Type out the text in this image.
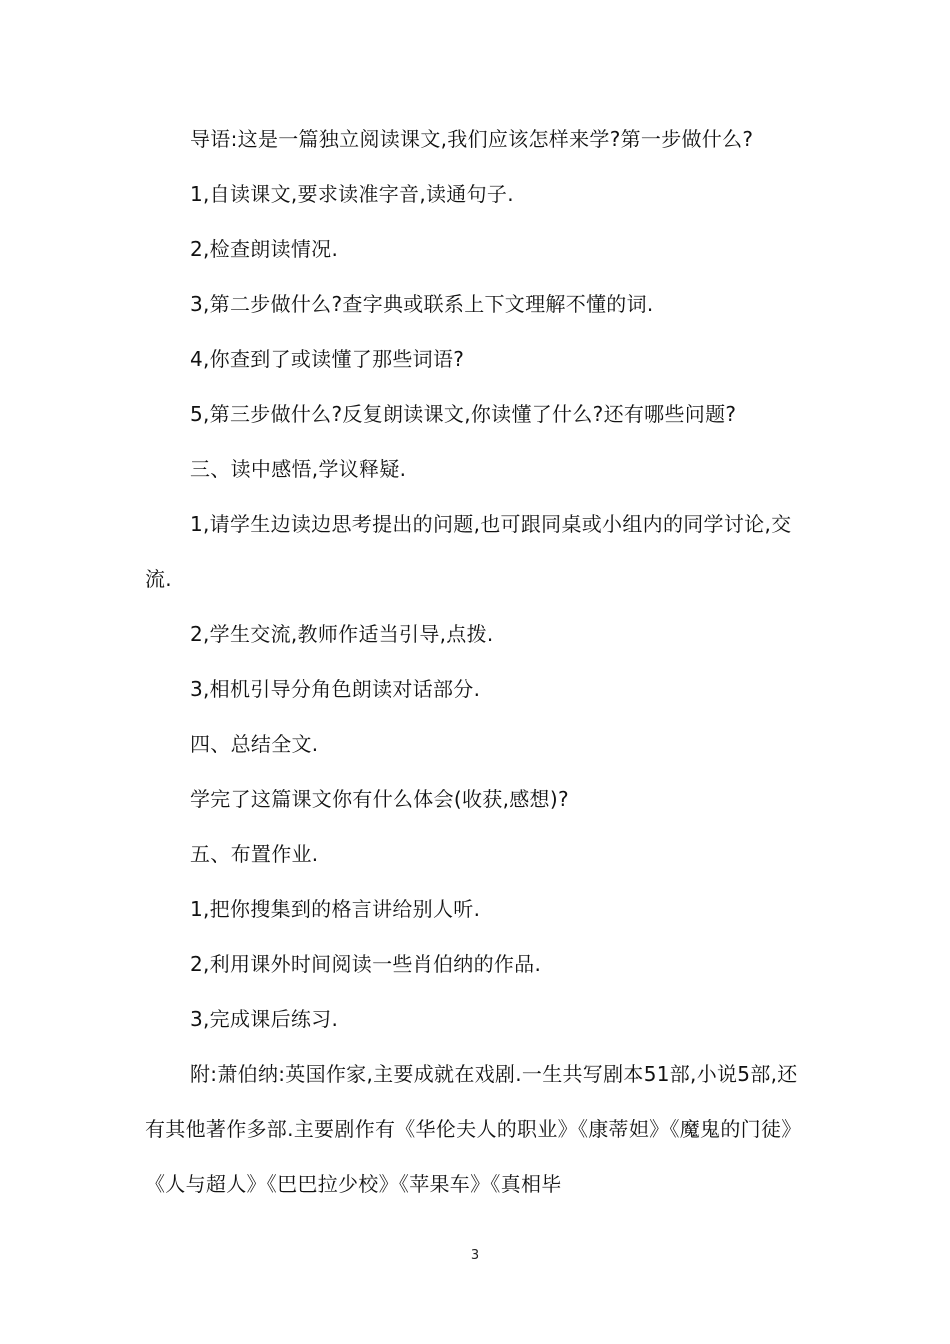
导语:这是一篇独立阅读课文,我们应该怎样来学?第一步做什么?

1,自读课文,要求读准字音,读通句子.

2,检查朗读情况.

3,第二步做什么?查字典或联系上下文理解不懂的词.

4,你查到了或读懂了那些词语?

5,第三步做什么?反复朗读课文,你读懂了什么?还有哪些问题?

三、读中感悟,学议释疑.

1,请学生边读边思考提出的问题,也可跟同桌或小组内的同学讨论,交流.

2,学生交流,教师作适当引导,点拨.

3,相机引导分角色朗读对话部分.

四、总结全文.

学完了这篇课文你有什么体会(收获,感想)?

五、布置作业.

1,把你搜集到的格言讲给别人听.

2,利用课外时间阅读一些肖伯纳的作品.

3,完成课后练习.

附:萧伯纳:英国作家,主要成就在戏剧.一生共写剧本51部,小说5部,还有其他著作多部.主要剧作有《华伦夫人的职业》《康蒂妲》《魔鬼的门徒》《人与超人》《巴巴拉少校》《苹果车》《真相毕

3
